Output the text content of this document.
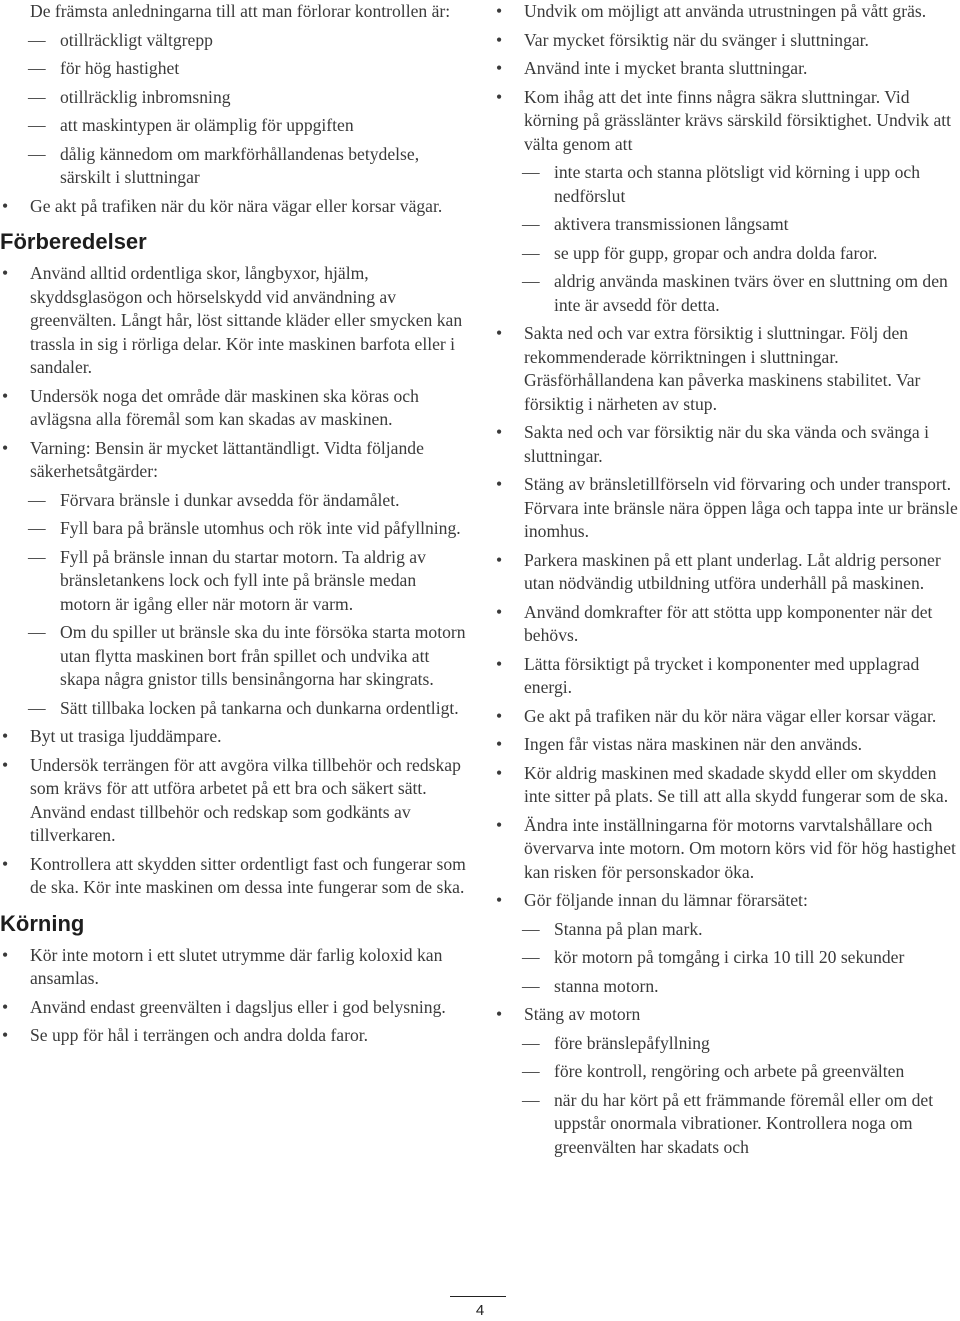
De främsta anledningarna till att man förlorar kontrollen är:
— otillräckligt vältgrepp
— för hög hastighet
— otillräcklig inbromsning
— att maskintypen är olämplig för uppgiften
— dålig kännedom om markförhållandenas betydelse, särskilt i sluttningar
• Ge akt på trafiken när du kör nära vägar eller korsar vägar.
Förberedelser
• Använd alltid ordentliga skor, långbyxor, hjälm, skyddsglasögon och hörselskydd vid användning av greenvälten. Långt hår, löst sittande kläder eller smycken kan trassla in sig i rörliga delar. Kör inte maskinen barfota eller i sandaler.
• Undersök noga det område där maskinen ska köras och avlägsna alla föremål som kan skadas av maskinen.
• Varning: Bensin är mycket lättantändligt. Vidta följande säkerhetsåtgärder:
— Förvara bränsle i dunkar avsedda för ändamålet.
— Fyll bara på bränsle utomhus och rök inte vid påfyllning.
— Fyll på bränsle innan du startar motorn. Ta aldrig av bränsletankens lock och fyll inte på bränsle medan motorn är igång eller när motorn är varm.
— Om du spiller ut bränsle ska du inte försöka starta motorn utan flytta maskinen bort från spillet och undvika att skapa några gnistor tills bensinångorna har skingrats.
— Sätt tillbaka locken på tankarna och dunkarna ordentligt.
• Byt ut trasiga ljuddämpare.
• Undersök terrängen för att avgöra vilka tillbehör och redskap som krävs för att utföra arbetet på ett bra och säkert sätt. Använd endast tillbehör och redskap som godkänts av tillverkaren.
• Kontrollera att skydden sitter ordentligt fast och fungerar som de ska. Kör inte maskinen om dessa inte fungerar som de ska.
Körning
• Kör inte motorn i ett slutet utrymme där farlig koloxid kan ansamlas.
• Använd endast greenvälten i dagsljus eller i god belysning.
• Se upp för hål i terrängen och andra dolda faror.
• Undvik om möjligt att använda utrustningen på vått gräs.
• Var mycket försiktig när du svänger i sluttningar.
• Använd inte i mycket branta sluttningar.
• Kom ihåg att det inte finns några säkra sluttningar. Vid körning på grässlänter krävs särskild försiktighet. Undvik att välta genom att
— inte starta och stanna plötsligt vid körning i upp och nedförslut
— aktivera transmissionen långsamt
— se upp för gupp, gropar och andra dolda faror.
— aldrig använda maskinen tvärs över en sluttning om den inte är avsedd för detta.
• Sakta ned och var extra försiktig i sluttningar. Följ den rekommenderade körriktningen i sluttningar. Gräsförhållandena kan påverka maskinens stabilitet. Var försiktig i närheten av stup.
• Sakta ned och var försiktig när du ska vända och svänga i sluttningar.
• Stäng av bränsletillförseln vid förvaring och under transport. Förvara inte bränsle nära öppen låga och tappa inte ur bränsle inomhus.
• Parkera maskinen på ett plant underlag. Låt aldrig personer utan nödvändig utbildning utföra underhåll på maskinen.
• Använd domkrafter för att stötta upp komponenter när det behövs.
• Lätta försiktigt på trycket i komponenter med upplagrad energi.
• Ge akt på trafiken när du kör nära vägar eller korsar vägar.
• Ingen får vistas nära maskinen när den används.
• Kör aldrig maskinen med skadade skydd eller om skydden inte sitter på plats. Se till att alla skydd fungerar som de ska.
• Ändra inte inställningarna för motorns varvtalshållare och övervarva inte motorn. Om motorn körs vid för hög hastighet kan risken för personskador öka.
• Gör följande innan du lämnar förarsätet:
— Stanna på plan mark.
— kör motorn på tomgång i cirka 10 till 20 sekunder
— stanna motorn.
• Stäng av motorn
— före bränslepåfyllning
— före kontroll, rengöring och arbete på greenvälten
— när du har kört på ett främmande föremål eller om det uppstår onormala vibrationer. Kontrollera noga om greenvälten har skadats och
4
